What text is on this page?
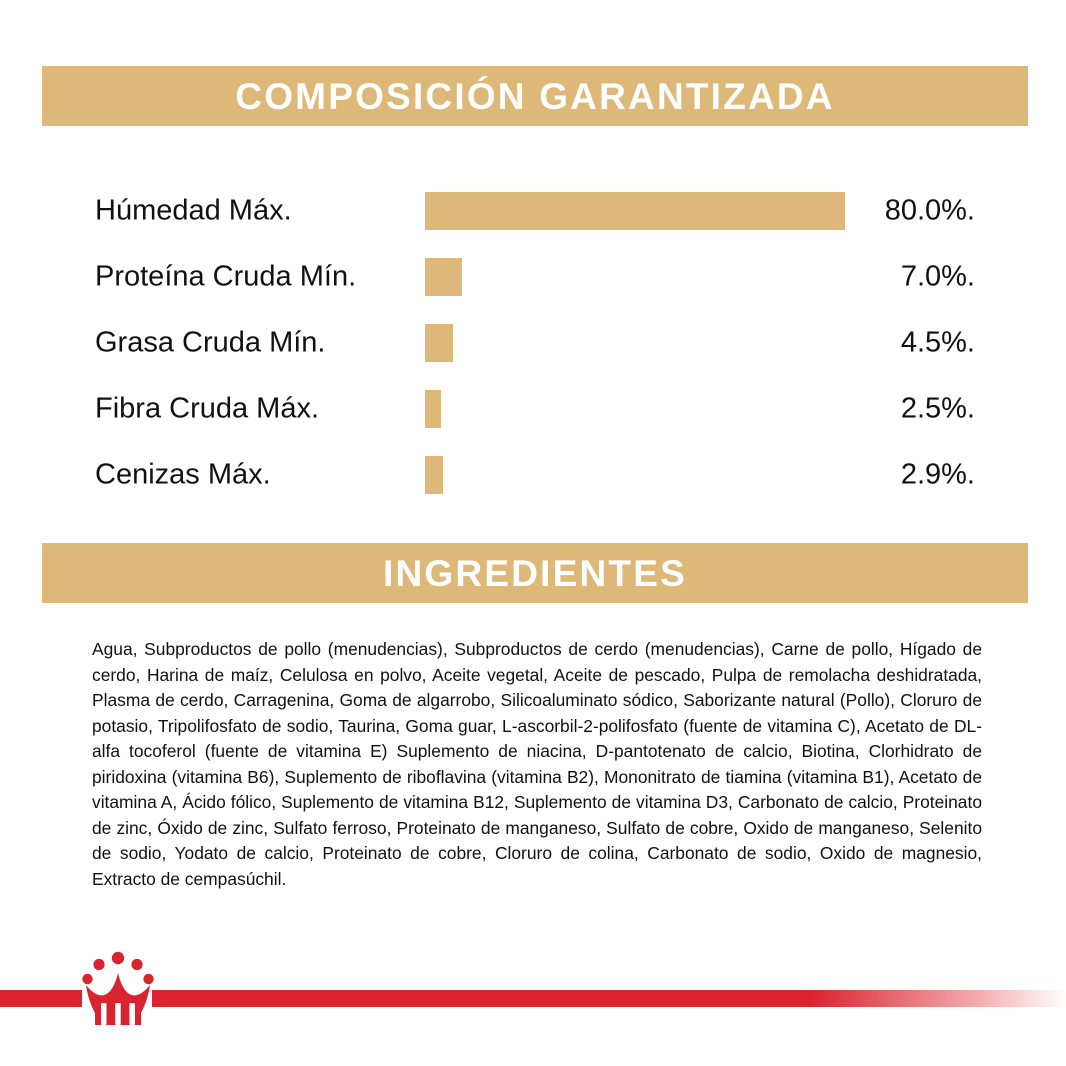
COMPOSICIÓN GARANTIZADA
Húmedad Máx.	80.0%.
Proteína Cruda Mín.	7.0%.
Grasa Cruda Mín.	4.5%.
Fibra Cruda Máx.	2.5%.
Cenizas Máx.	2.9%.
INGREDIENTES

Agua, Subproductos de pollo (menudencias), Subproductos de cerdo (menudencias), Carne de pollo, Hígado de cerdo, Harina de maíz, Celulosa en polvo, Aceite vegetal, Aceite de pescado, Pulpa de remolacha deshidratada, Plasma de cerdo, Carragenina, Goma de algarrobo, Silicoaluminato sódico, Saborizante natural (Pollo), Cloruro de potasio, Tripolifosfato de sodio, Taurina, Goma guar, L-ascorbil-2-polifosfato (fuente de vitamina C), Acetato de DL-alfa tocoferol (fuente de vitamina E) Suplemento de niacina, D-pantotenato de calcio, Biotina, Clorhidrato de piridoxina (vitamina B6), Suplemento de riboflavina (vitamina B2), Mononitrato de tiamina (vitamina B1), Acetato de vitamina A, Ácido fólico, Suplemento de vitamina B12, Suplemento de vitamina D3, Carbonato de calcio, Proteinato de zinc, Óxido de zinc, Sulfato ferroso, Proteinato de manganeso, Sulfato de cobre, Oxido de manganeso, Selenito de sodio, Yodato de calcio, Proteinato de cobre, Cloruro de colina, Carbonato de sodio, Oxido de magnesio, Extracto de cempasúchil.
